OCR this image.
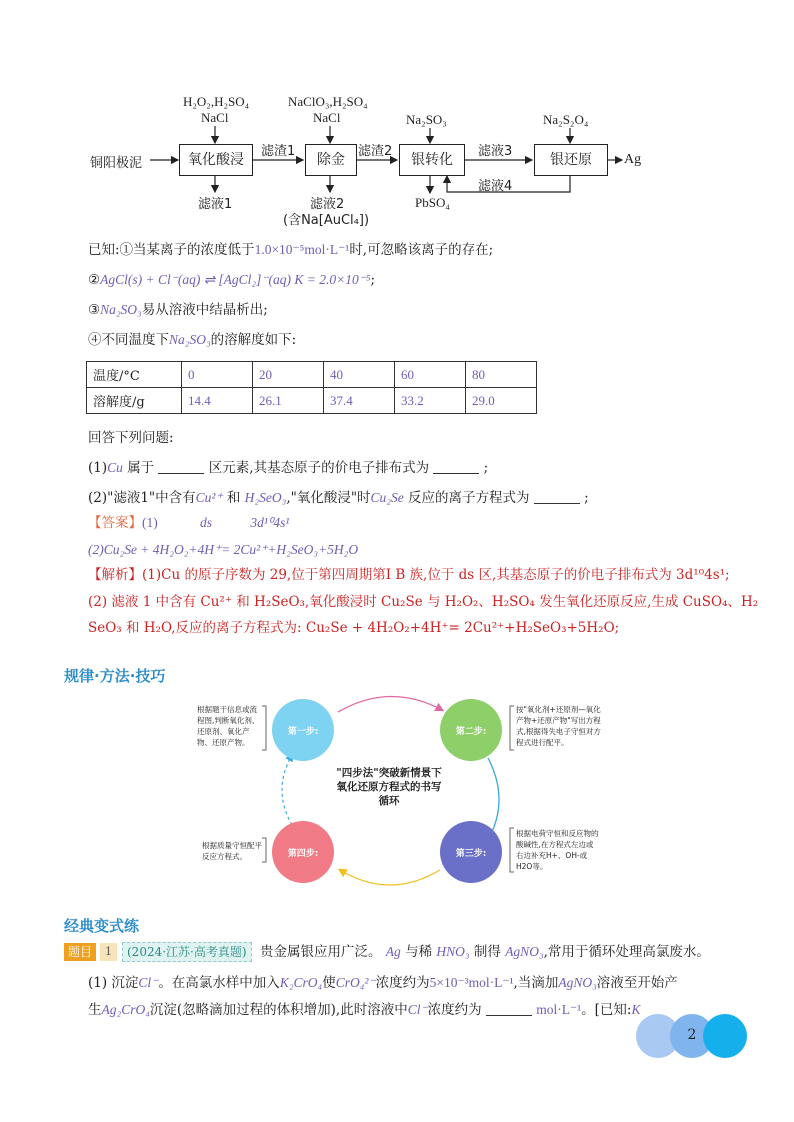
H₂O₂,H₂SO₄
NaCl
NaClO₃,H₂SO₄
NaCl	Na₂SO₃	Na₂S₂O₄
铜阳极泥	氧化酸浸	除金	银转化	银还原	Ag
滤渣1	滤渣2	滤液3
滤液4
滤液1	滤液2
(含Na[AuCl₄])
PbSO₄
已知:①当某离子的浓度低于1.0×10⁻⁵mol·L⁻¹时,可忽略该离子的存在;
②AgCl(s) + Cl⁻(aq) ⇌ [AgCl₂]⁻(aq) K = 2.0×10⁻⁵;
③Na₂SO₃易从溶液中结晶析出;
④不同温度下Na₂SO₃的溶解度如下:
温度/°C	0	20	40	60	80
溶解度/g	14.4	26.1	37.4	33.2	29.0
回答下列问题:
(1)Cu 属于	区元素,其基态原子的价电子排布式为	;
(2)"滤液1"中含有Cu²⁺ 和 H₂SeO₃,"氧化酸浸"时Cu₂Se 反应的离子方程式为	;
【答案】(1)	ds	3d¹⁰4s¹
(2)Cu₂Se + 4H₂O₂+4H⁺= 2Cu²⁺+H₂SeO₃+5H₂O
【解析】(1)Cu 的原子序数为 29,位于第四周期第Ⅰ B 族,位于 ds 区,其基态原子的价电子排布式为 3d¹⁰4s¹;
(2) 滤液 1 中含有 Cu²⁺ 和 H₂SeO₃,氧化酸浸时 Cu₂Se 与 H₂O₂、H₂SO₄ 发生氧化还原反应,生成 CuSO₄、H₂
SeO₃ 和 H₂O,反应的离子方程式为: Cu₂Se + 4H₂O₂+4H⁺= 2Cu²⁺+H₂SeO₃+5H₂O;
规律·方法·技巧
第一步:	第二步:
第三步:
第四步:
"四步法"突破新情景下氧化还原方程式的书写循环
根据题干信息或流程图,判断氧化剂、还原剂、氧化产物、还原产物。
按"氧化剂+还原剂—氧化产物+还原产物"写出方程式,根据得失电子守恒对方程式进行配平。
根据电荷守恒和反应物的酸碱性,在方程式左边或右边补充H+、OH-或H2O等。
根据质量守恒配平反应方程式。
经典变式练
题目	1	(2024·江苏·高考真题) 贵金属银应用广泛。 Ag 与稀 HNO₃ 制得 AgNO₃,常用于循环处理高氯废水。
(1) 沉淀Cl⁻。在高氯水样中加入K₂CrO₄使CrO₄²⁻浓度约为5×10⁻³mol·L⁻¹,当滴加AgNO₃溶液至开始产
生Ag₂CrO₄沉淀(忽略滴加过程的体积增加),此时溶液中Cl⁻浓度约为	mol·L⁻¹。[已知:K
2
